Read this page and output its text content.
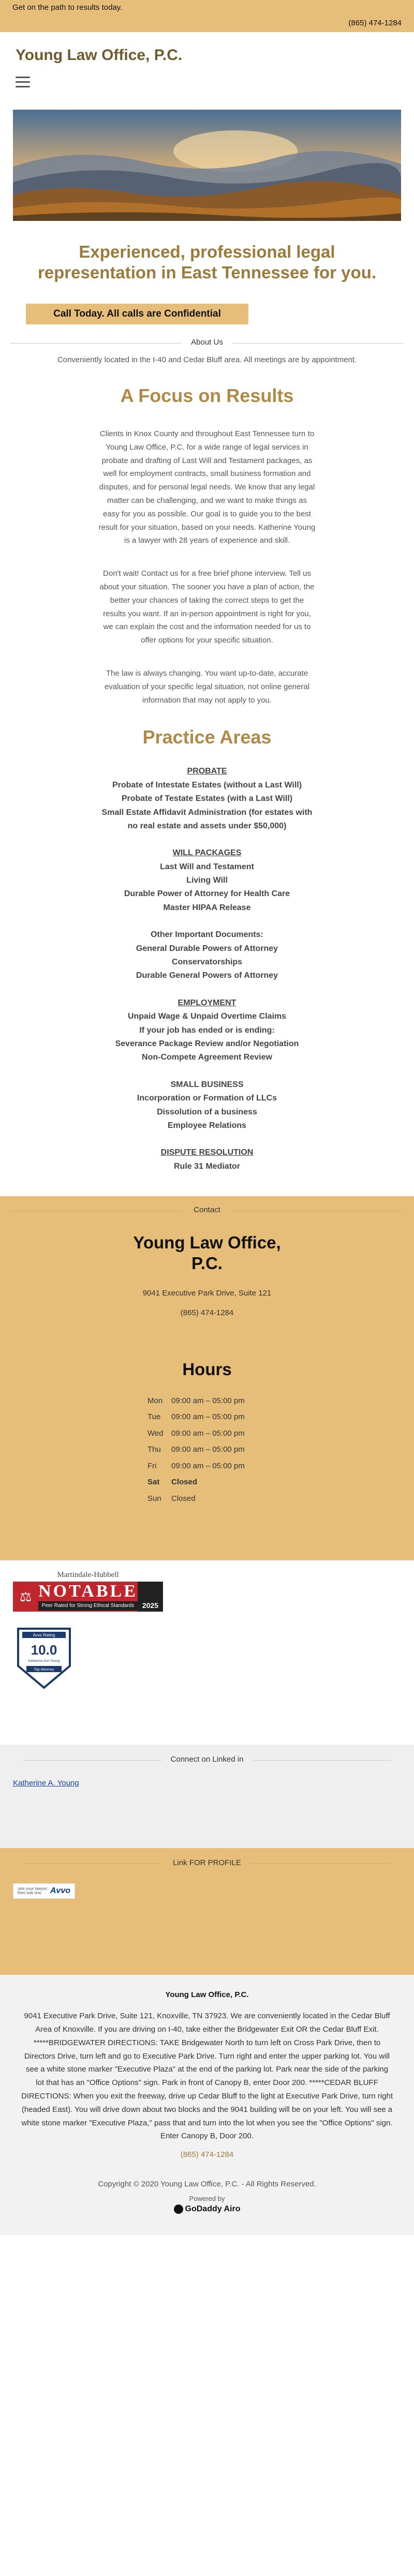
Get on the path to results today.
(865) 474-1284
Young Law Office, P.C.
Experienced, professional legal representation in East Tennessee for you.
Call Today. All calls are Confidential
About Us
Conveniently located in the I-40 and Cedar Bluff area. All meetings are by appointment.
A Focus on Results

Clients in Knox County and throughout East Tennessee turn to Young Law Office, P.C. for a wide range of legal services in probate and drafting of Last Will and Testament packages, as well for employment contracts, small business formation and disputes, and for personal legal needs. We know that any legal matter can be challenging, and we want to make things as easy for you as possible. Our goal is to guide you to the best result for your situation, based on your needs. Katherine Young is a lawyer with 28 years of experience and skill.

Don't wait! Contact us for a free brief phone interview. Tell us about your situation. The sooner you have a plan of action, the better your chances of taking the correct steps to get the results you want. If an in-person appointment is right for you, we can explain the cost and the information needed for us to offer options for your specific situation.

The law is always changing. You want up-to-date, accurate evaluation of your specific legal situation, not online general information that may not apply to you.

Practice Areas
PROBATE
Probate of Intestate Estates (without a Last Will)
Probate of Testate Estates (with a Last Will)
Small Estate Affidavit Administration (for estates with no real estate and assets under $50,000)
WILL PACKAGES
Last Will and Testament
Living Will
Durable Power of Attorney for Health Care
Master HIPAA Release
Other Important Documents:
General Durable Powers of Attorney
Conservatorships
Durable General Powers of Attorney
EMPLOYMENT
Unpaid Wage & Unpaid Overtime Claims
If your job has ended or is ending:
Severance Package Review and/or Negotiation
Non-Compete Agreement Review
SMALL BUSINESS
Incorporation or Formation of LLCs
Dissolution of a business
Employee Relations
DISPUTE RESOLUTION
Rule 31 Mediator
Contact
Young Law Office, P.C.
9041 Executive Park Drive, Suite 121
(865) 474-1284
Hours
Mon	09:00 am – 05:00 pm
Tue	09:00 am – 05:00 pm
Wed	09:00 am – 05:00 pm
Thu	09:00 am – 05:00 pm
Fri	09:00 am – 05:00 pm
Sat	Closed
Sun	Closed
Martindale-Hubbell
⚖ NOTABLE
Peer Rated for Strong Ethical Standards	2025
Avvo Rating
10.0
Katherine Ann Young
Top Attorney
Connect on Linked in
Katherine A. Young
Link FOR PROFILE
rate your lawyer. then ask one	Avvo
Young Law Office, P.C.
9041 Executive Park Drive, Suite 121, Knoxville, TN 37923. We are conveniently located in the Cedar Bluff Area of Knoxville. If you are driving on I-40, take either the Bridgewater Exit OR the Cedar Bluff Exit. *****BRIDGEWATER DIRECTIONS: TAKE Bridgewater North to turn left on Cross Park Drive, then to Directors Drive, turn left and go to Executive Park Drive. Turn right and enter the upper parking lot. You will see a white stone marker "Executive Plaza" at the end of the parking lot. Park near the side of the parking lot that has an "Office Options" sign. Park in front of Canopy B, enter Door 200. *****CEDAR BLUFF DIRECTIONS: When you exit the freeway, drive up Cedar Bluff to the light at Executive Park Drive, turn right (headed East). You will drive down about two blocks and the 9041 building will be on your left. You will see a white stone marker "Executive Plaza," pass that and turn into the lot when you see the "Office Options" sign. Enter Canopy B, Door 200.
(865) 474-1284
Copyright © 2020 Young Law Office, P.C. - All Rights Reserved.
Powered by
GoDaddy Airo
